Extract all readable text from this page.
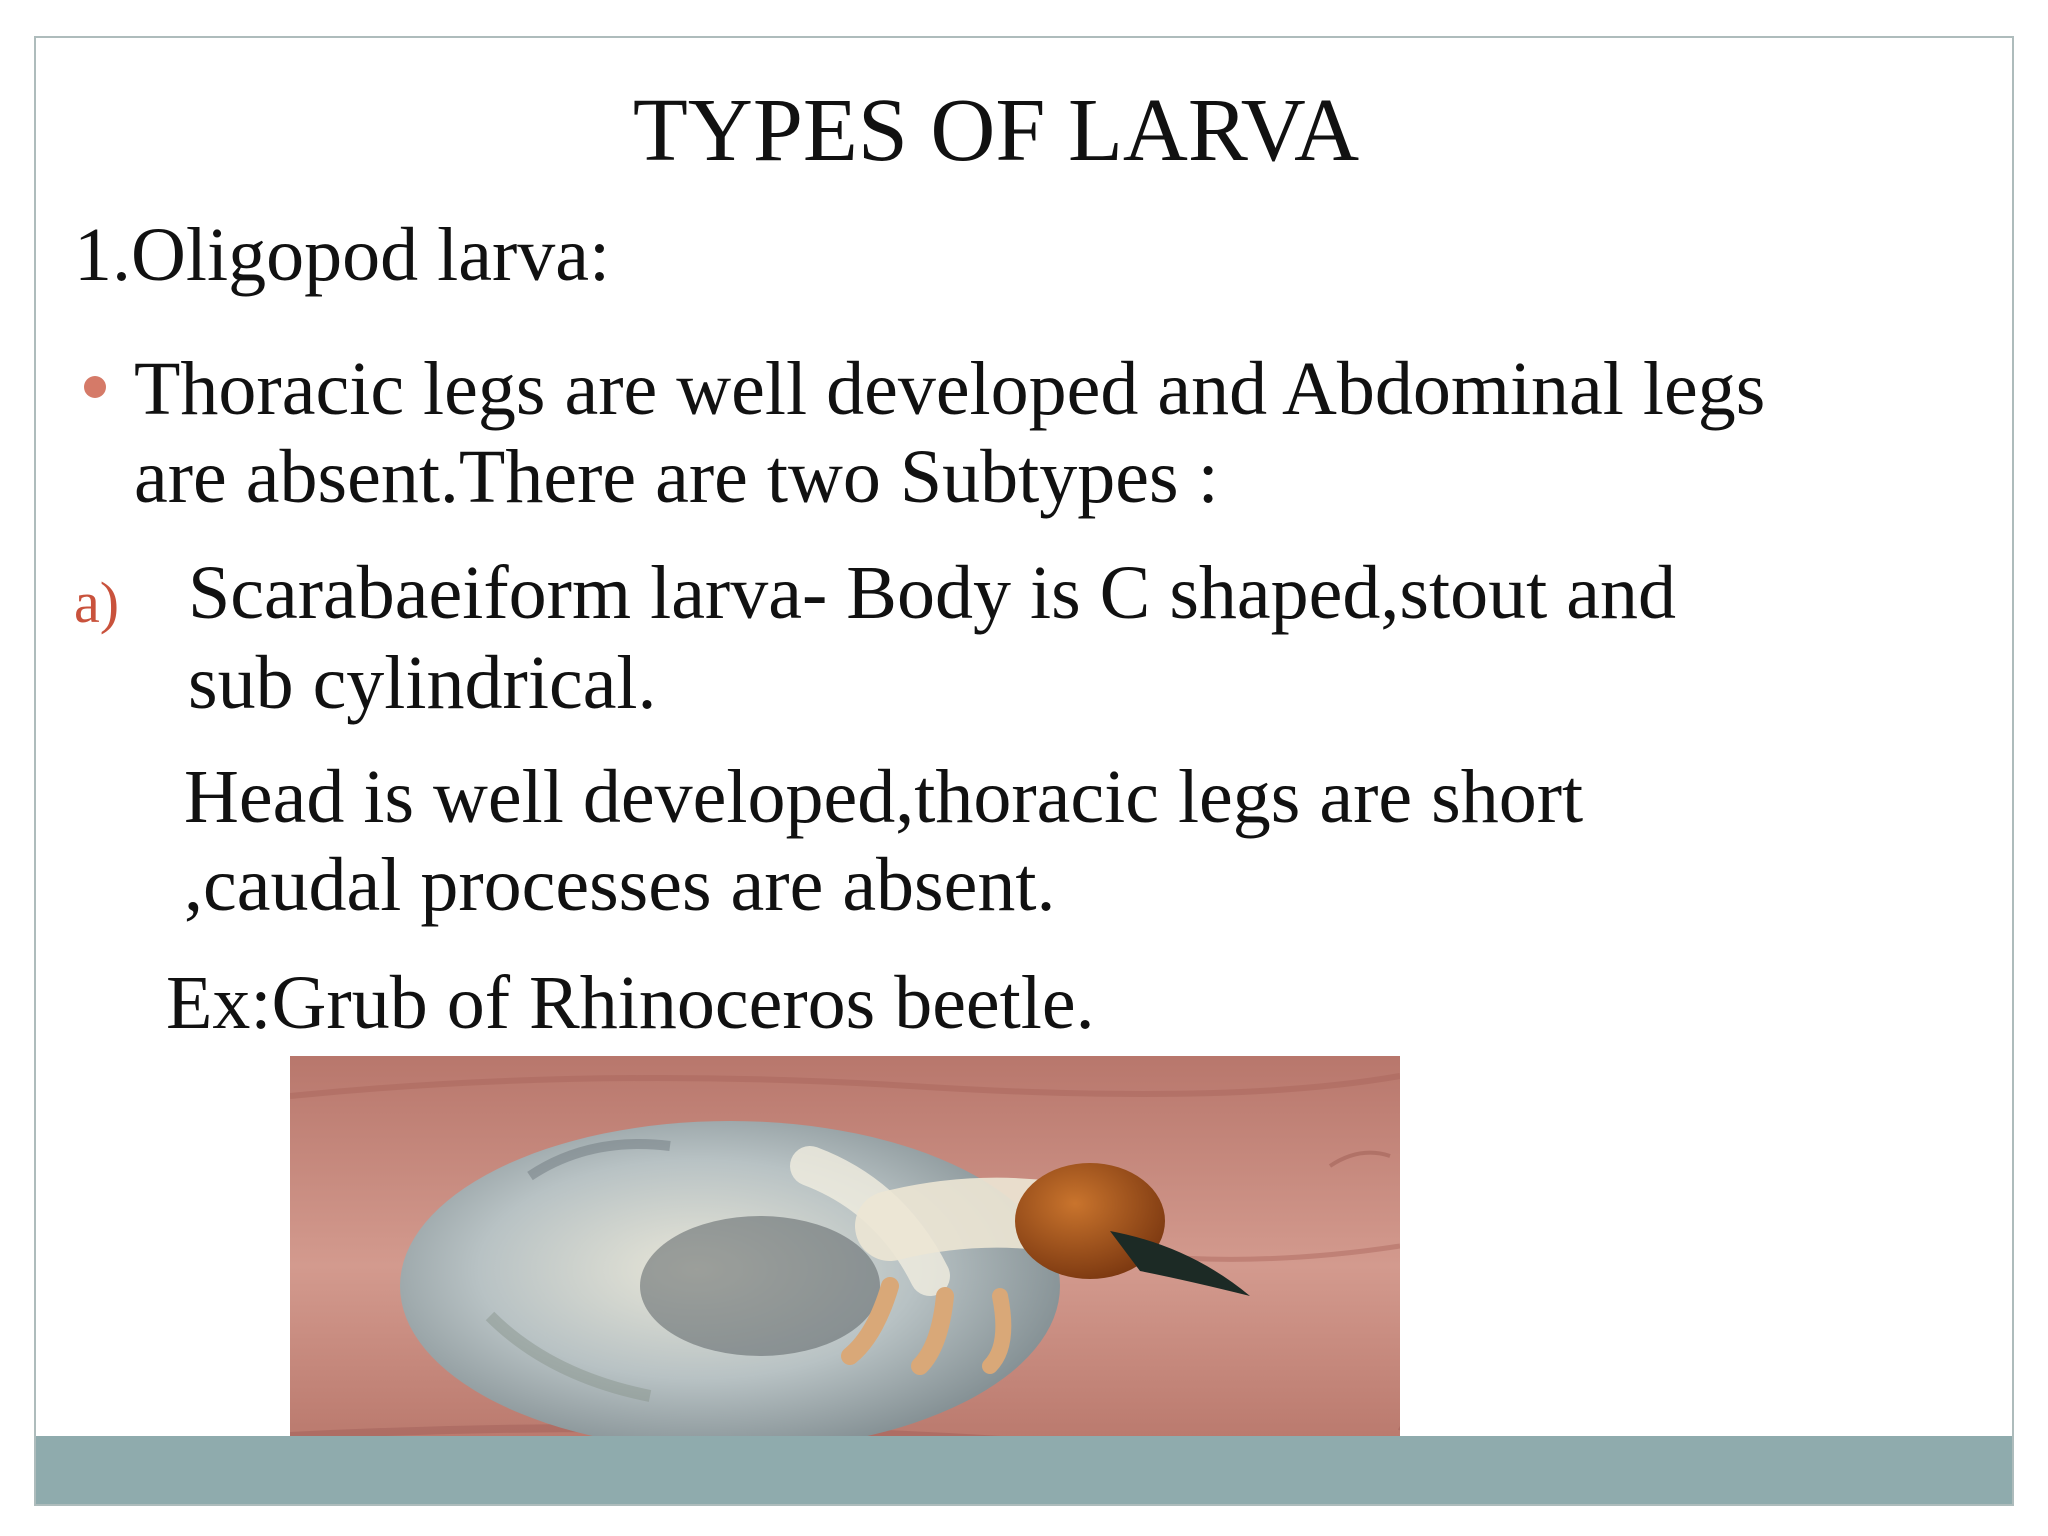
TYPES OF LARVA
1.Oligopod larva:
Thoracic legs are well developed and Abdominal legs
are absent.There are two Subtypes :
a) Scarabaeiform larva- Body is C shaped,stout and
sub cylindrical.
Head is well developed,thoracic legs are short
,caudal processes are absent.
Ex:Grub of Rhinoceros beetle.
